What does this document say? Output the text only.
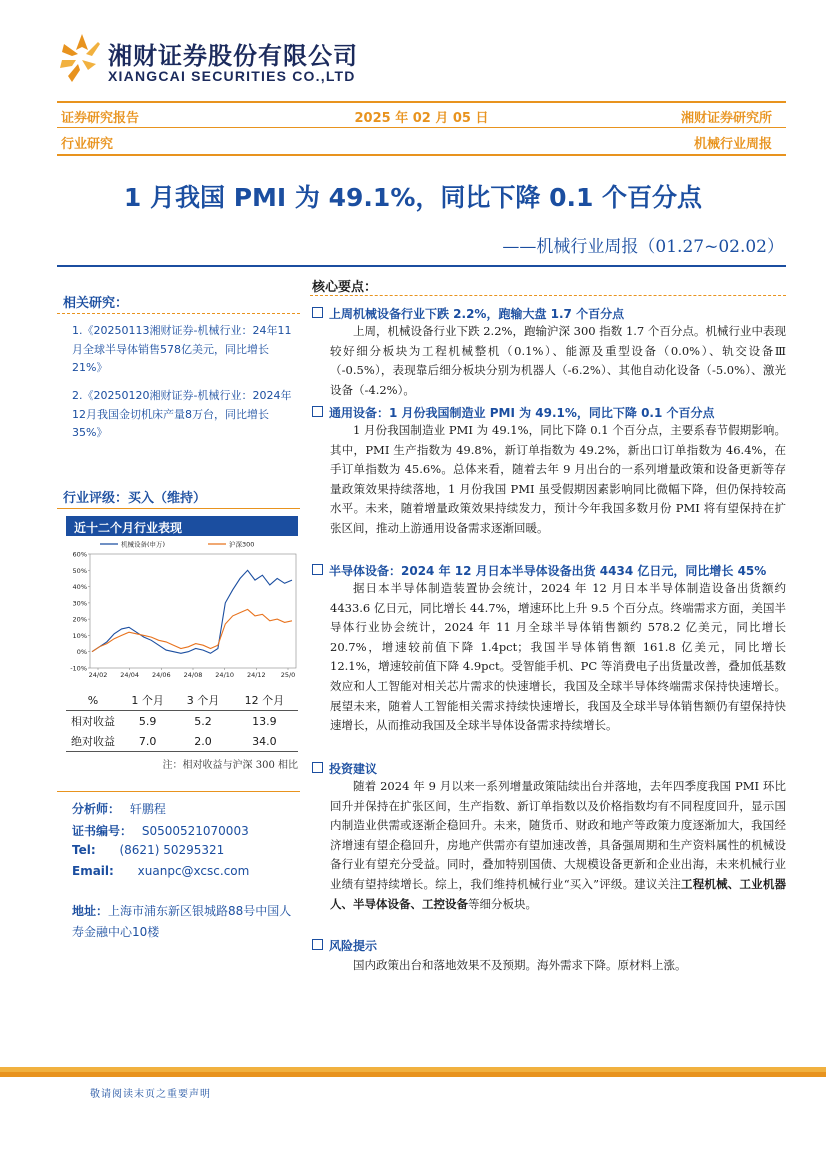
湘财证券股份有限公司
XIANGCAI SECURITIES CO.,LTD
证券研究报告	2025 年 02 月 05 日	湘财证券研究所
行业研究	机械行业周报
1 月我国 PMI 为 49.1%，同比下降 0.1 个百分点
——机械行业周报（01.27~02.02）
相关研究：
1.《20250113湘财证券-机械行业：24年11月全球半导体销售578亿美元，同比增长21%》
2.《20250120湘财证券-机械行业：2024年12月我国金切机床产量8万台，同比增长35%》
行业评级：买入（维持）
近十二个月行业表现
60%
50%
40%
30%
20%
10%
0%
-10%
24/02 24/04 24/06 24/08 24/10 24/12 25/0
机械设备(申万)	沪深300
%	1 个月	3 个月	12 个月
相对收益	5.9	5.2	13.9
绝对收益	7.0	2.0	34.0
注：相对收益与沪深 300 相比
分析师： 轩鹏程
证书编号： S0500521070003
Tel: (8621) 50295321
Email: xuanpc@xcsc.com
地址：上海市浦东新区银城路88号中国人寿金融中心10楼
核心要点：
上周机械设备行业下跌 2.2%，跑输大盘 1.7 个百分点
上周，机械设备行业下跌 2.2%，跑输沪深 300 指数 1.7 个百分点。机械行业中表现较好细分板块为工程机械整机（0.1%）、能源及重型设备（0.0%）、轨交设备Ⅲ（-0.5%），表现靠后细分板块分别为机器人（-6.2%）、其他自动化设备（-5.0%）、激光设备（-4.2%）。
通用设备：1 月份我国制造业 PMI 为 49.1%，同比下降 0.1 个百分点
1 月份我国制造业 PMI 为 49.1%，同比下降 0.1 个百分点，主要系春节假期影响。其中，PMI 生产指数为 49.8%，新订单指数为 49.2%，新出口订单指数为 46.4%，在手订单指数为 45.6%。总体来看，随着去年 9 月出台的一系列增量政策和设备更新等存量政策效果持续落地，1 月份我国 PMI 虽受假期因素影响同比微幅下降，但仍保持较高水平。未来，随着增量政策效果持续发力，预计今年我国多数月份 PMI 将有望保持在扩张区间，推动上游通用设备需求逐渐回暖。
半导体设备：2024 年 12 月日本半导体设备出货 4434 亿日元，同比增长 45%
据日本半导体制造装置协会统计，2024 年 12 月日本半导体制造设备出货额约 4433.6 亿日元，同比增长 44.7%，增速环比上升 9.5 个百分点。终端需求方面，美国半导体行业协会统计，2024 年 11 月全球半导体销售额约 578.2 亿美元，同比增长 20.7%，增速较前值下降 1.4pct；我国半导体销售额 161.8 亿美元，同比增长 12.1%，增速较前值下降 4.9pct。受智能手机、PC 等消费电子出货量改善，叠加低基数效应和人工智能对相关芯片需求的快速增长，我国及全球半导体终端需求保持快速增长。展望未来，随着人工智能相关需求持续快速增长，我国及全球半导体销售额仍有望保持快速增长，从而推动我国及全球半导体设备需求持续增长。
投资建议
随着 2024 年 9 月以来一系列增量政策陆续出台并落地，去年四季度我国 PMI 环比回升并保持在扩张区间，生产指数、新订单指数以及价格指数均有不同程度回升，显示国内制造业供需或逐渐企稳回升。未来，随货币、财政和地产等政策力度逐渐加大，我国经济增速有望企稳回升，房地产供需亦有望加速改善，具备强周期和生产资料属性的机械设备行业有望充分受益。同时，叠加特别国债、大规模设备更新和企业出海，未来机械行业业绩有望持续增长。综上，我们维持机械行业“买入”评级。建议关注工程机械、工业机器人、半导体设备、工控设备等细分板块。
风险提示
国内政策出台和落地效果不及预期。海外需求下降。原材料上涨。
敬请阅读末页之重要声明
